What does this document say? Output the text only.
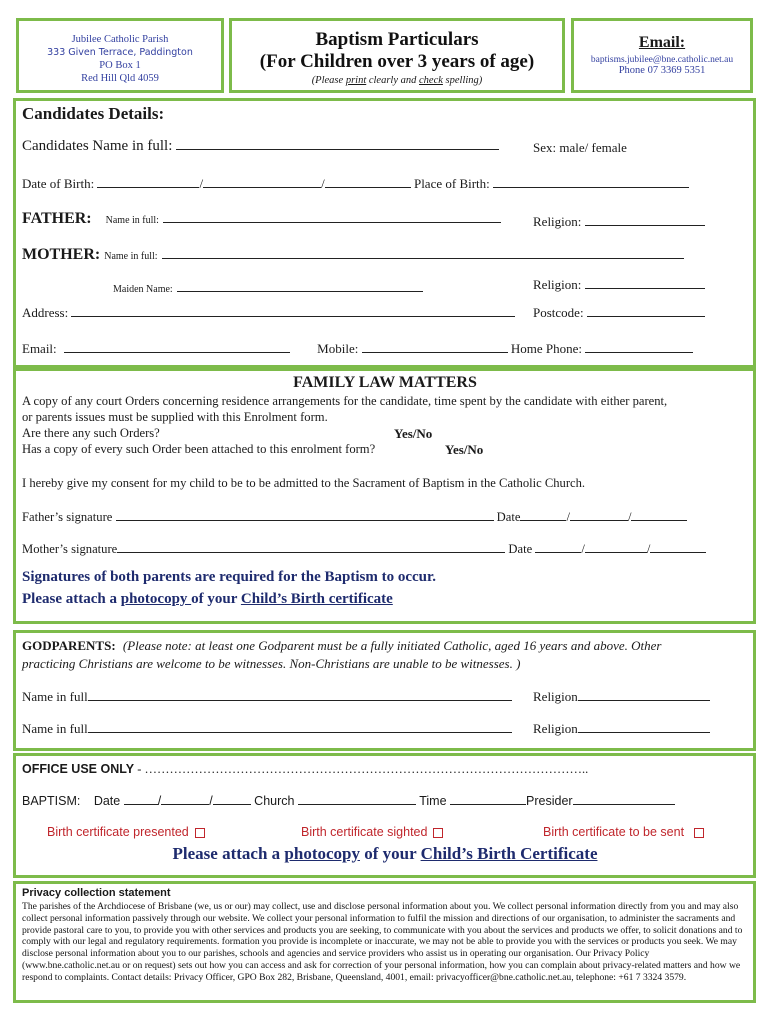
Jubilee Catholic Parish
333 Given Terrace, Paddington
PO Box 1
Red Hill Qld 4059
Baptism Particulars
(For Children over 3 years of age)
(Please print clearly and check spelling)
Email:
baptisms.jubilee@bne.catholic.net.au
Phone 07 3369 5351
Candidates Details:
Candidates Name in full:	Sex: male/ female
Date of Birth:	/	/	Place of Birth:
FATHER: Name in full:	Religion:
MOTHER: Name in full:
Maiden Name:	Religion:
Address:	Postcode:
Email:	Mobile:	Home Phone:
FAMILY LAW MATTERS
A copy of any court Orders concerning residence arrangements for the candidate, time spent by the candidate with either parent,
or parents issues must be supplied with this Enrolment form.
Are there any such Orders?	Yes/No
Has a copy of every such Order been attached to this enrolment form?	Yes/No
I hereby give my consent for my child to be to be admitted to the Sacrament of Baptism in the Catholic Church.
Father’s signature	Date	/	/
Mother’s signature	Date	/	/
Signatures of both parents are required for the Baptism to occur.
Please attach a photocopy of your Child’s Birth certificate
GODPARENTS: (Please note: at least one Godparent must be a fully initiated Catholic, aged 16 years and above. Other
practicing Christians are welcome to be witnesses. Non-Christians are unable to be witnesses. )
Name in full	Religion
Name in full	Religion
OFFICE USE ONLY - ……………………………………………………………………………………………..
BAPTISM: Date	/	/	Church	Time	Presider
Birth certificate presented	Birth certificate sighted	Birth certificate to be sent
Please attach a photocopy of your Child’s Birth Certificate
Privacy collection statement
The parishes of the Archdiocese of Brisbane (we, us or our) may collect, use and disclose personal information about you. We collect personal information directly from you and may also collect personal information passively through our website. We collect your personal information to fulfil the mission and directions of our organisation, to administer the sacraments and provide pastoral care to you, to provide you with other services and products you are seeking, to communicate with you about the services and products we offer, to solicit donations and to comply with our legal and regulatory requirements. formation you provide is incomplete or inaccurate, we may not be able to provide you with the services or products you seek. We may disclose personal information about you to our parishes, schools and agencies and service providers who assist us in operating our organisation. Our Privacy Policy (www.bne.catholic.net.au or on request) sets out how you can access and ask for correction of your personal information, how you can complain about privacy-related matters and how we respond to complaints. Contact details: Privacy Officer, GPO Box 282, Brisbane, Queensland, 4001, email: privacyofficer@bne.catholic.net.au, telephone: +61 7 3324 3579.
